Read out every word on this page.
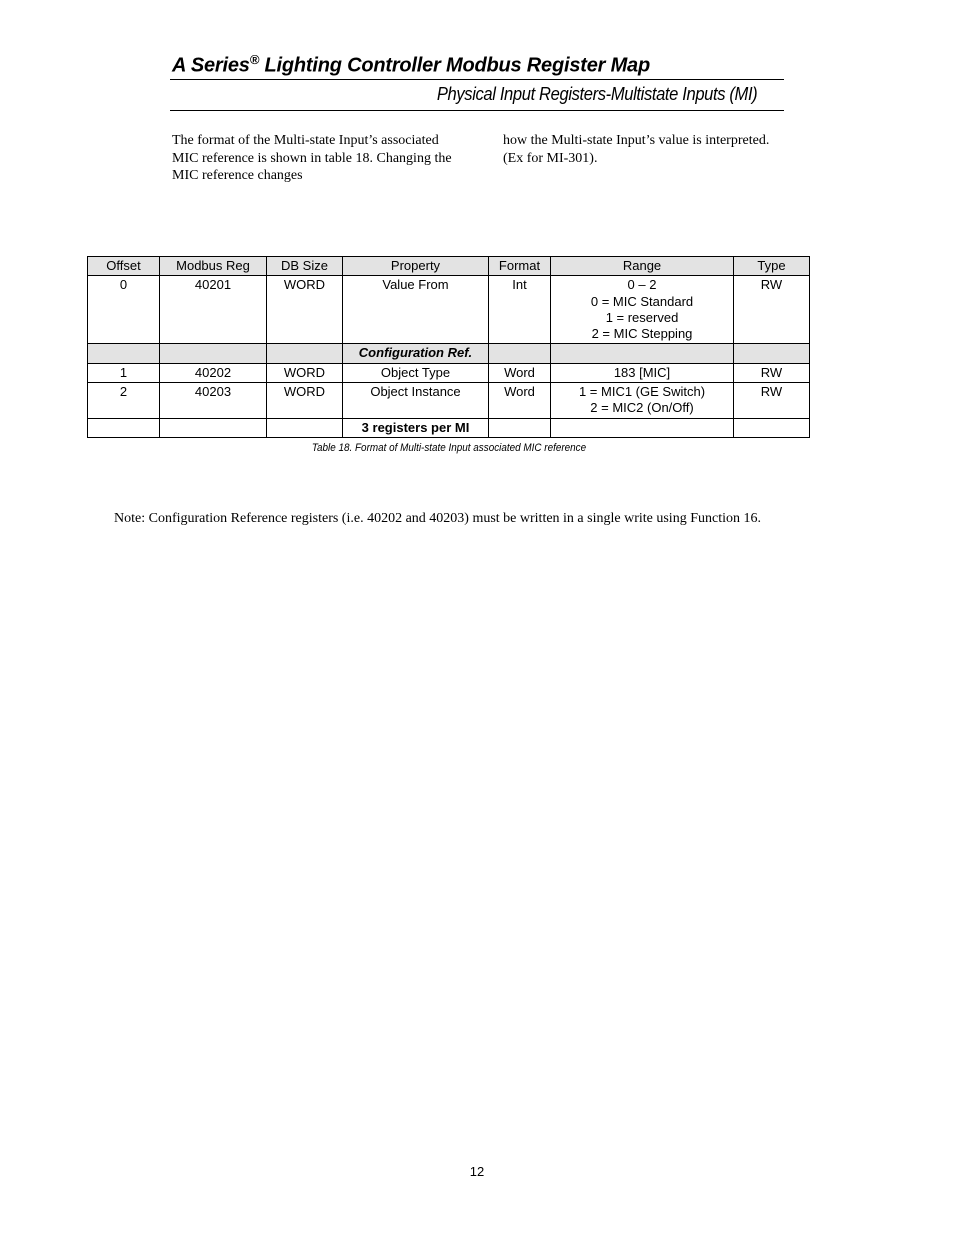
A Series® Lighting Controller Modbus Register Map
Physical Input Registers-Multistate Inputs (MI)
The format of the Multi-state Input’s associated MIC reference is shown in table 18. Changing the MIC reference changes
how the Multi-state Input’s value is interpreted. (Ex for MI-301).
Offset	Modbus Reg	DB Size	Property	Format	Range	Type
0	40201	WORD	Value From	Int	0 – 2
0 = MIC Standard
1 = reserved
2 = MIC Stepping	RW
			Configuration Ref.			
1	40202	WORD	Object Type	Word	183 [MIC]	RW
2	40203	WORD	Object Instance	Word	1 = MIC1 (GE Switch)
2 = MIC2 (On/Off)	RW
			3 registers per MI			
Table 18. Format of Multi-state Input associated MIC reference
Note: Configuration Reference registers (i.e. 40202 and 40203) must be written in a single write using Function 16.
12
